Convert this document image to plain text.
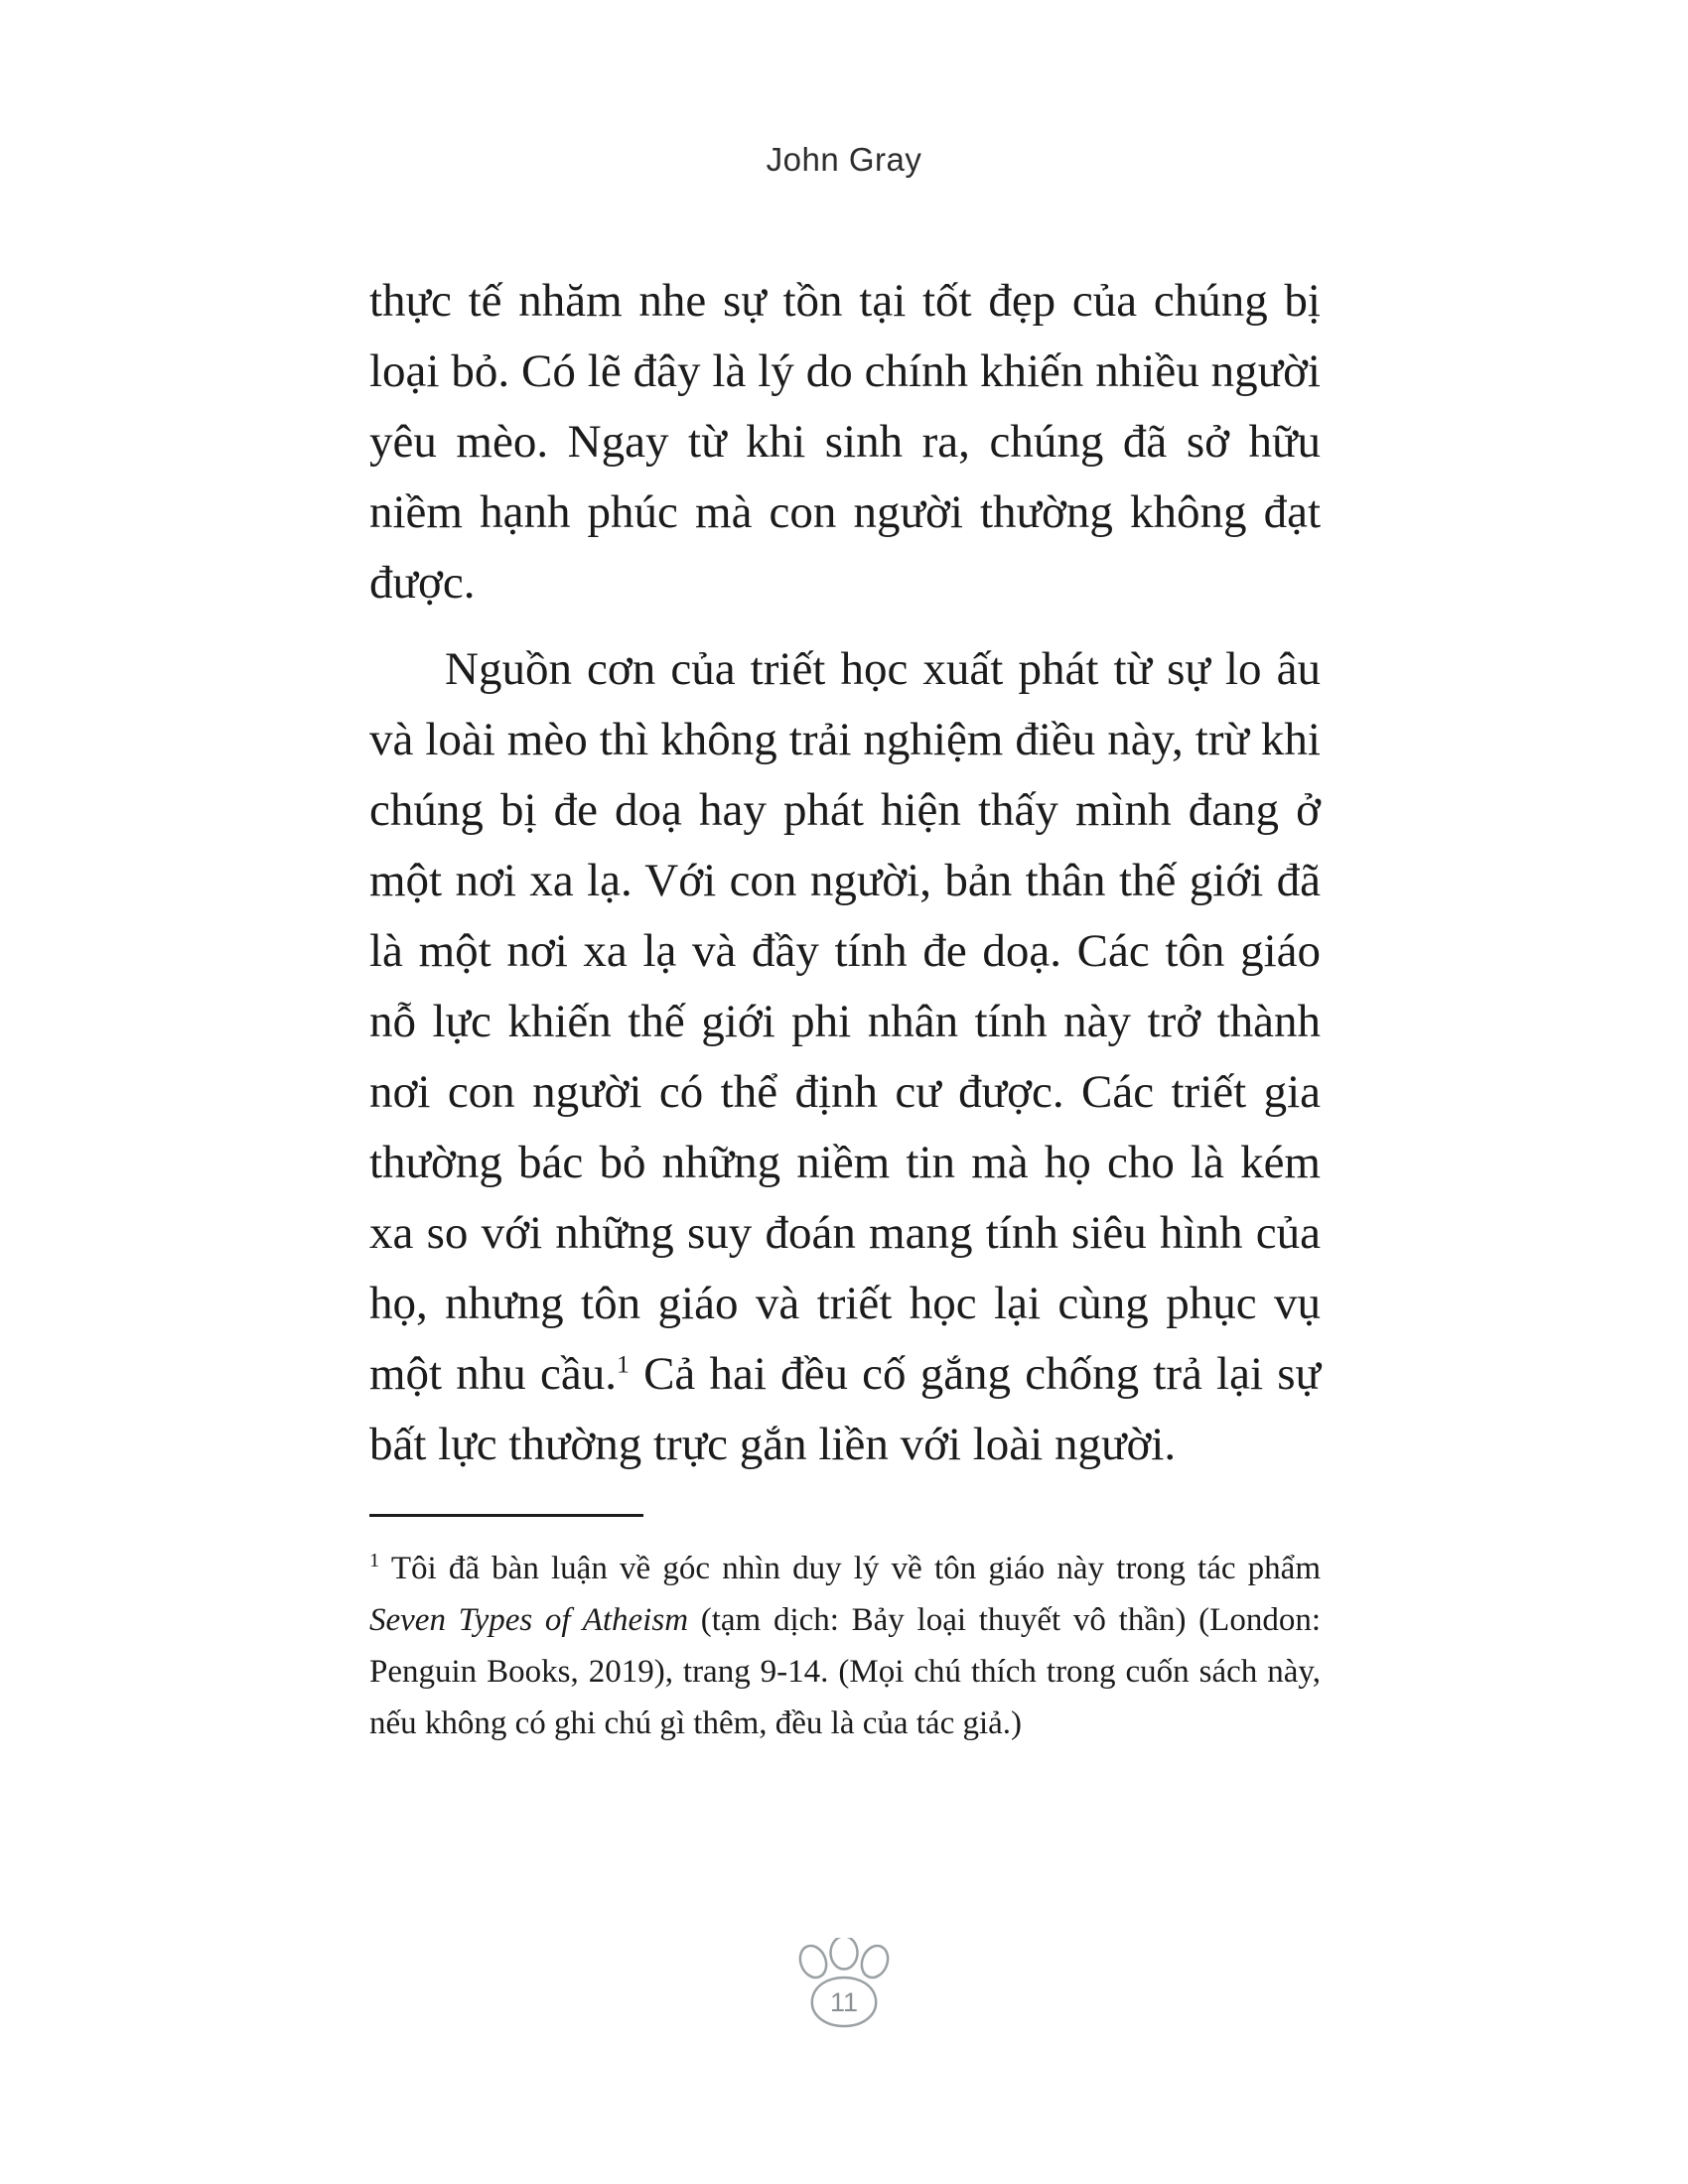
John Gray

thực tế nhăm nhe sự tồn tại tốt đẹp của chúng bị loại bỏ. Có lẽ đây là lý do chính khiến nhiều người yêu mèo. Ngay từ khi sinh ra, chúng đã sở hữu niềm hạnh phúc mà con người thường không đạt được.

Nguồn cơn của triết học xuất phát từ sự lo âu và loài mèo thì không trải nghiệm điều này, trừ khi chúng bị đe doạ hay phát hiện thấy mình đang ở một nơi xa lạ. Với con người, bản thân thế giới đã là một nơi xa lạ và đầy tính đe doạ. Các tôn giáo nỗ lực khiến thế giới phi nhân tính này trở thành nơi con người có thể định cư được. Các triết gia thường bác bỏ những niềm tin mà họ cho là kém xa so với những suy đoán mang tính siêu hình của họ, nhưng tôn giáo và triết học lại cùng phục vụ một nhu cầu.$^1$ Cả hai đều cố gắng chống trả lại sự bất lực thường trực gắn liền với loài người.

$^1$ Tôi đã bàn luận về góc nhìn duy lý về tôn giáo này trong tác phẩm Seven Types of Atheism (tạm dịch: Bảy loại thuyết vô thần) (London: Penguin Books, 2019), trang 9-14. (Mọi chú thích trong cuốn sách này, nếu không có ghi chú gì thêm, đều là của tác giả.)

11
